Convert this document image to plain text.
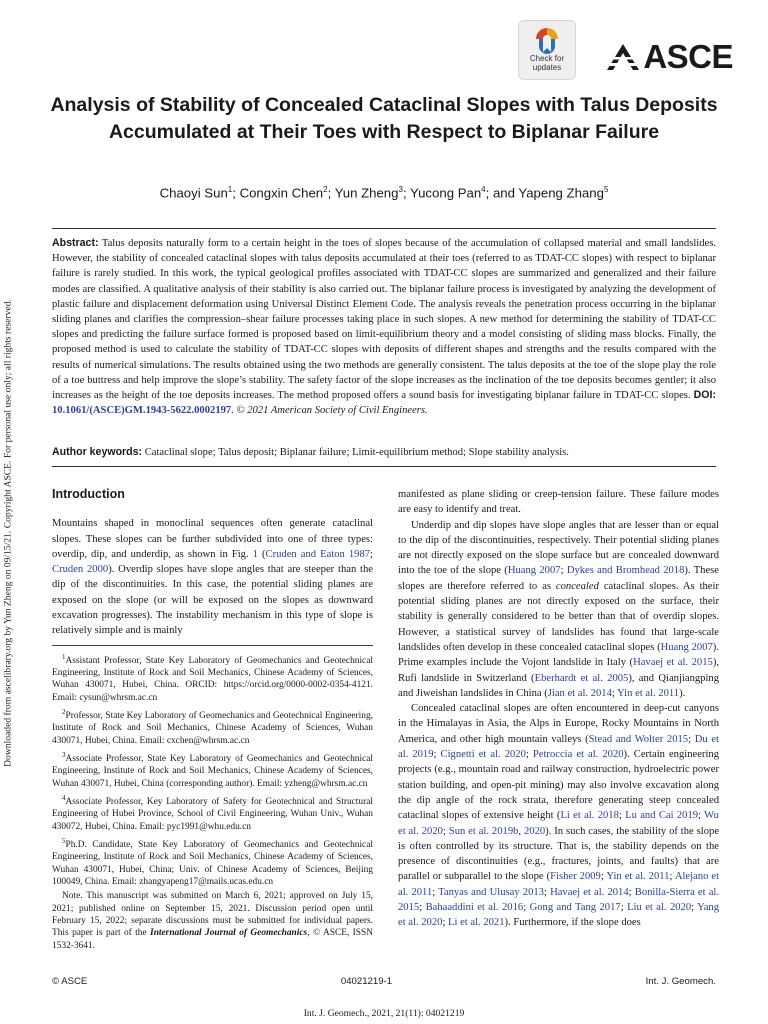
Downloaded from ascelibrary.org by Yun Zheng on 09/15/21. Copyright ASCE. For personal use only; all rights reserved.
Check for
updates	ASCE
Analysis of Stability of Concealed Cataclinal Slopes with Talus Deposits Accumulated at Their Toes with Respect to Biplanar Failure
Chaoyi Sun$^1$; Congxin Chen$^2$; Yun Zheng$^3$; Yucong Pan$^4$; and Yapeng Zhang$^5$
Abstract: Talus deposits naturally form to a certain height in the toes of slopes because of the accumulation of collapsed material and small landslides. However, the stability of concealed cataclinal slopes with talus deposits accumulated at their toes (referred to as TDAT-CC slopes) with respect to biplanar failure is rarely studied. In this work, the typical geological profiles associated with TDAT-CC slopes are summarized and generalized and their failure modes are classified. A qualitative analysis of their stability is also carried out. The biplanar failure process is investigated by analyzing the development of plastic failure and displacement deformation using Universal Distinct Element Code. The analysis reveals the penetration process occurring in the biplanar sliding planes and clarifies the compression–shear failure processes taking place in such slopes. A new method for determining the stability of TDAT-CC slopes and predicting the failure surface formed is proposed based on limit-equilibrium theory and a model consisting of sliding mass blocks. Finally, the proposed method is used to calculate the stability of TDAT-CC slopes with deposits of different shapes and strengths and the results compared with the results of numerical simulations. The results obtained using the two methods are generally consistent. The talus deposits at the toe of the slope play the role of a toe buttress and help improve the slope’s stability. The safety factor of the slope increases as the inclination of the toe deposits becomes gentler; it also increases as the height of the toe deposits increases. The method proposed offers a sound basis for investigating biplanar failure in TDAT-CC slopes. DOI: 10.1061/(ASCE)GM.1943-5622.0002197. © 2021 American Society of Civil Engineers.
Author keywords: Cataclinal slope; Talus deposit; Biplanar failure; Limit-equilibrium method; Slope stability analysis.
Introduction

Mountains shaped in monoclinal sequences often generate cataclinal slopes. These slopes can be further subdivided into one of three types: overdip, dip, and underdip, as shown in Fig. 1 (Cruden and Eaton 1987; Cruden 2000). Overdip slopes have slope angles that are steeper than the dip of the discontinuities. In this case, the potential sliding planes are exposed on the slope (or will be exposed on the slopes as downward excavation progresses). The instability mechanism in this type of slope is relatively simple and is mainly

$^1$Assistant Professor, State Key Laboratory of Geomechanics and Geotechnical Engineering, Institute of Rock and Soil Mechanics, Chinese Academy of Sciences, Wuhan 430071, Hubei, China. ORCID: https://orcid.org/0000-0002-0354-4121. Email: cysun@whrsm.ac.cn

$^2$Professor, State Key Laboratory of Geomechanics and Geotechnical Engineering, Institute of Rock and Soil Mechanics, Chinese Academy of Sciences, Wuhan 430071, Hubei, China. Email: cxchen@whrsm.ac.cn

$^3$Associate Professor, State Key Laboratory of Geomechanics and Geotechnical Engineering, Institute of Rock and Soil Mechanics, Chinese Academy of Sciences, Wuhan 430071, Hubei, China (corresponding author). Email: yzheng@whrsm.ac.cn

$^4$Associate Professor, Key Laboratory of Safety for Geotechnical and Structural Engineering of Hubei Province, School of Civil Engineering, Wuhan Univ., Wuhan 430072, Hubei, China. Email: pyc1991@whu.edu.cn

$^5$Ph.D. Candidate, State Key Laboratory of Geomechanics and Geotechnical Engineering, Institute of Rock and Soil Mechanics, Chinese Academy of Sciences, Wuhan 430071, Hubei, China; Univ. of Chinese Academy of Sciences, Beijing 100049, China. Email: zhangyapeng17@mails.ucas.edu.cn

Note. This manuscript was submitted on March 6, 2021; approved on July 15, 2021; published online on September 15, 2021. Discussion period open until February 15, 2022; separate discussions must be submitted for individual papers. This paper is part of the International Journal of Geomechanics, © ASCE, ISSN 1532-3641.

manifested as plane sliding or creep-tension failure. These failure modes are easy to identify and treat.

Underdip and dip slopes have slope angles that are lesser than or equal to the dip of the discontinuities, respectively. Their potential sliding planes are not directly exposed on the slope surface but are concealed downward into the toe of the slope (Huang 2007; Dykes and Bromhead 2018). These slopes are therefore referred to as concealed cataclinal slopes. As their potential sliding planes are not directly exposed on the surface, their stability is generally considered to be better than that of overdip slopes. However, a statistical survey of landslides has found that large-scale landslides often develop in these concealed cataclinal slopes (Huang 2007). Prime examples include the Vojont landslide in Italy (Havaej et al. 2015), Rufi landslide in Switzerland (Eberhardt et al. 2005), and Qianjiangping and Jiweishan landslides in China (Jian et al. 2014; Yin et al. 2011).

Concealed cataclinal slopes are often encountered in deep-cut canyons in the Himalayas in Asia, the Alps in Europe, Rocky Mountains in North America, and other high mountain valleys (Stead and Wolter 2015; Du et al. 2019; Cignetti et al. 2020; Petroccia et al. 2020). Certain engineering projects (e.g., mountain road and railway construction, hydroelectric power station building, and open-pit mining) may also involve excavation along the dip angle of the rock strata, therefore generating steep concealed cataclinal slopes of extensive height (Li et al. 2018; Lu and Cai 2019; Wu et al. 2020; Sun et al. 2019b, 2020). In such cases, the stability of the slope is often controlled by its structure. That is, the stability depends on the presence of discontinuities (e.g., fractures, joints, and faults) that are parallel or subparallel to the slope (Fisher 2009; Yin et al. 2011; Alejano et al. 2011; Tanyas and Ulusay 2013; Havaej et al. 2014; Bonilla-Sierra et al. 2015; Bahaaddini et al. 2016; Gong and Tang 2017; Liu et al. 2020; Yang et al. 2020; Li et al. 2021). Furthermore, if the slope does

© ASCE	04021219-1	Int. J. Geomech.
Int. J. Geomech., 2021, 21(11): 04021219
